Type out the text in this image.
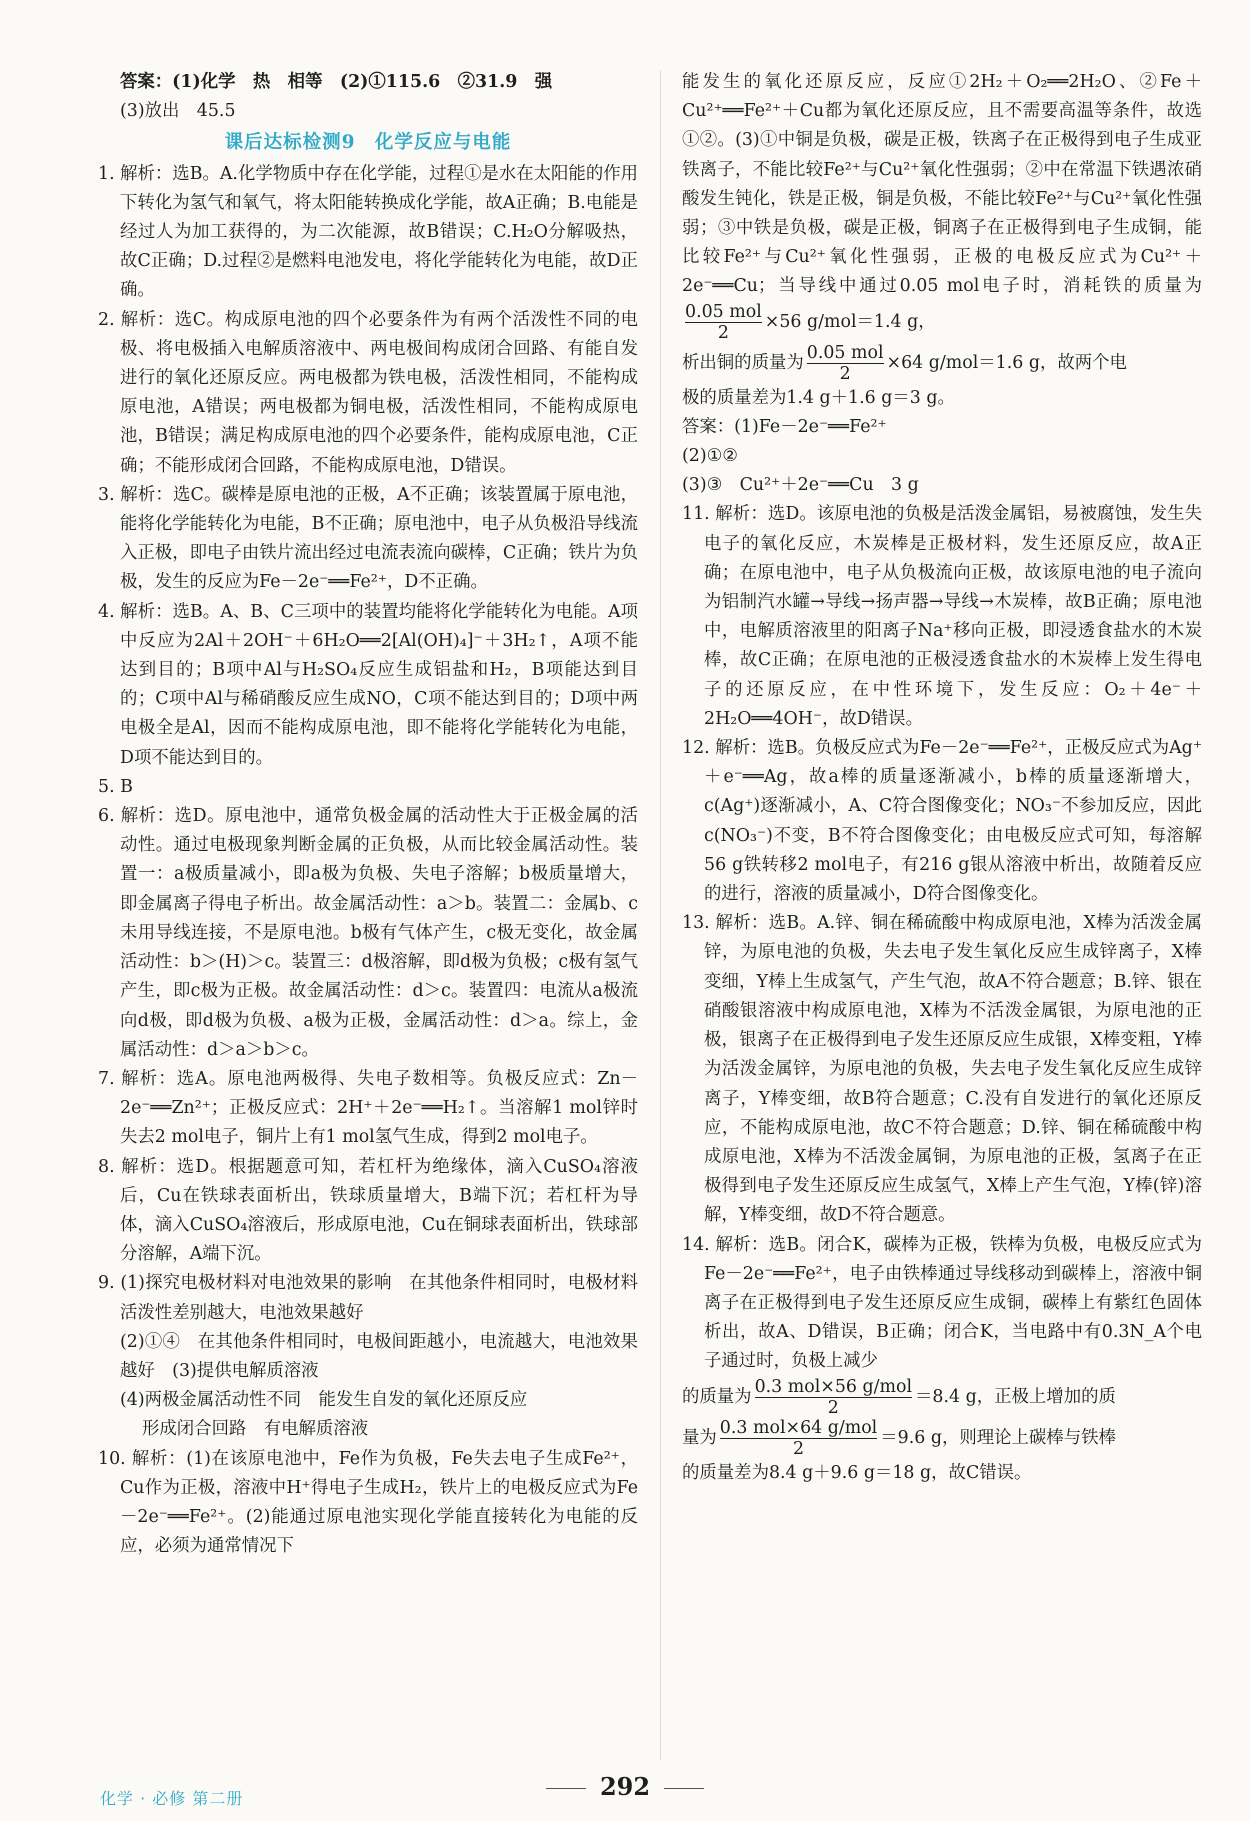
答案：(1)化学　热　相等　(2)①115.6　②31.9　强

(3)放出　45.5

课后达标检测9　化学反应与电能

1. 解析：选B。A.化学物质中存在化学能，过程①是水在太阳能的作用下转化为氢气和氧气，将太阳能转换成化学能，故A正确；B.电能是经过人为加工获得的，为二次能源，故B错误；C.H₂O分解吸热，故C正确；D.过程②是燃料电池发电，将化学能转化为电能，故D正确。

2. 解析：选C。构成原电池的四个必要条件为有两个活泼性不同的电极、将电极插入电解质溶液中、两电极间构成闭合回路、有能自发进行的氧化还原反应。两电极都为铁电极，活泼性相同，不能构成原电池，A错误；两电极都为铜电极，活泼性相同，不能构成原电池，B错误；满足构成原电池的四个必要条件，能构成原电池，C正确；不能形成闭合回路，不能构成原电池，D错误。

3. 解析：选C。碳棒是原电池的正极，A不正确；该装置属于原电池，能将化学能转化为电能，B不正确；原电池中，电子从负极沿导线流入正极，即电子由铁片流出经过电流表流向碳棒，C正确；铁片为负极，发生的反应为Fe－2e⁻══Fe²⁺，D不正确。

4. 解析：选B。A、B、C三项中的装置均能将化学能转化为电能。A项中反应为2Al＋2OH⁻＋6H₂O══2[Al(OH)₄]⁻＋3H₂↑，A项不能达到目的；B项中Al与H₂SO₄反应生成铝盐和H₂，B项能达到目的；C项中Al与稀硝酸反应生成NO，C项不能达到目的；D项中两电极全是Al，因而不能构成原电池，即不能将化学能转化为电能，D项不能达到目的。

5. B

6. 解析：选D。原电池中，通常负极金属的活动性大于正极金属的活动性。通过电极现象判断金属的正负极，从而比较金属活动性。装置一：a极质量减小，即a极为负极、失电子溶解；b极质量增大，即金属离子得电子析出。故金属活动性：a＞b。装置二：金属b、c未用导线连接，不是原电池。b极有气体产生，c极无变化，故金属活动性：b＞(H)＞c。装置三：d极溶解，即d极为负极；c极有氢气产生，即c极为正极。故金属活动性：d＞c。装置四：电流从a极流向d极，即d极为负极、a极为正极，金属活动性：d＞a。综上，金属活动性：d＞a＞b＞c。

7. 解析：选A。原电池两极得、失电子数相等。负极反应式：Zn－2e⁻══Zn²⁺；正极反应式：2H⁺＋2e⁻══H₂↑。当溶解1 mol锌时失去2 mol电子，铜片上有1 mol氢气生成，得到2 mol电子。

8. 解析：选D。根据题意可知，若杠杆为绝缘体，滴入CuSO₄溶液后，Cu在铁球表面析出，铁球质量增大，B端下沉；若杠杆为导体，滴入CuSO₄溶液后，形成原电池，Cu在铜球表面析出，铁球部分溶解，A端下沉。

9. (1)探究电极材料对电池效果的影响　在其他条件相同时，电极材料活泼性差别越大，电池效果越好

(2)①④　在其他条件相同时，电极间距越小，电流越大，电池效果越好　(3)提供电解质溶液

(4)两极金属活动性不同　能发生自发的氧化还原反应

形成闭合回路　有电解质溶液

10. 解析：(1)在该原电池中，Fe作为负极，Fe失去电子生成Fe²⁺，Cu作为正极，溶液中H⁺得电子生成H₂，铁片上的电极反应式为Fe－2e⁻══Fe²⁺。(2)能通过原电池实现化学能直接转化为电能的反应，必须为通常情况下

能发生的氧化还原反应，反应①2H₂＋O₂══2H₂O、②Fe＋Cu²⁺══Fe²⁺＋Cu都为氧化还原反应，且不需要高温等条件，故选①②。(3)①中铜是负极，碳是正极，铁离子在正极得到电子生成亚铁离子，不能比较Fe²⁺与Cu²⁺氧化性强弱；②中在常温下铁遇浓硝酸发生钝化，铁是正极，铜是负极，不能比较Fe²⁺与Cu²⁺氧化性强弱；③中铁是负极，碳是正极，铜离子在正极得到电子生成铜，能比较Fe²⁺与Cu²⁺氧化性强弱，正极的电极反应式为Cu²⁺＋2e⁻══Cu；当导线中通过0.05 mol电子时，消耗铁的质量为
0.05 mol
2
×56 g/mol＝1.4 g，

析出铜的质量为 0.05 mol
2
×64 g/mol＝1.6 g，故两个电

极的质量差为1.4 g＋1.6 g＝3 g。

答案：(1)Fe－2e⁻══Fe²⁺

(2)①②

(3)③　Cu²⁺＋2e⁻══Cu　3 g

11. 解析：选D。该原电池的负极是活泼金属铝，易被腐蚀，发生失电子的氧化反应，木炭棒是正极材料，发生还原反应，故A正确；在原电池中，电子从负极流向正极，故该原电池的电子流向为铝制汽水罐→导线→扬声器→导线→木炭棒，故B正确；原电池中，电解质溶液里的阳离子Na⁺移向正极，即浸透食盐水的木炭棒，故C正确；在原电池的正极浸透食盐水的木炭棒上发生得电子的还原反应，在中性环境下，发生反应：O₂＋4e⁻＋2H₂O══4OH⁻，故D错误。

12. 解析：选B。负极反应式为Fe－2e⁻══Fe²⁺，正极反应式为Ag⁺＋e⁻══Ag，故a棒的质量逐渐减小，b棒的质量逐渐增大，c(Ag⁺)逐渐减小，A、C符合图像变化；NO₃⁻不参加反应，因此c(NO₃⁻)不变，B不符合图像变化；由电极反应式可知，每溶解56 g铁转移2 mol电子，有216 g银从溶液中析出，故随着反应的进行，溶液的质量减小，D符合图像变化。

13. 解析：选B。A.锌、铜在稀硫酸中构成原电池，X棒为活泼金属锌，为原电池的负极，失去电子发生氧化反应生成锌离子，X棒变细，Y棒上生成氢气，产生气泡，故A不符合题意；B.锌、银在硝酸银溶液中构成原电池，X棒为不活泼金属银，为原电池的正极，银离子在正极得到电子发生还原反应生成银，X棒变粗，Y棒为活泼金属锌，为原电池的负极，失去电子发生氧化反应生成锌离子，Y棒变细，故B符合题意；C.没有自发进行的氧化还原反应，不能构成原电池，故C不符合题意；D.锌、铜在稀硫酸中构成原电池，X棒为不活泼金属铜，为原电池的正极，氢离子在正极得到电子发生还原反应生成氢气，X棒上产生气泡，Y棒(锌)溶解，Y棒变细，故D不符合题意。

14. 解析：选B。闭合K，碳棒为正极，铁棒为负极，电极反应式为Fe－2e⁻══Fe²⁺，电子由铁棒通过导线移动到碳棒上，溶液中铜离子在正极得到电子发生还原反应生成铜，碳棒上有紫红色固体析出，故A、D错误，B正确；闭合K，当电路中有0.3N_A个电子通过时，负极上减少

的质量为 0.3 mol×56 g/mol
2
＝8.4 g，正极上增加的质

量为 0.3 mol×64 g/mol
2
＝9.6 g，则理论上碳棒与铁棒

的质量差为8.4 g＋9.6 g＝18 g，故C错误。

化学 · 必修 第二册	292
